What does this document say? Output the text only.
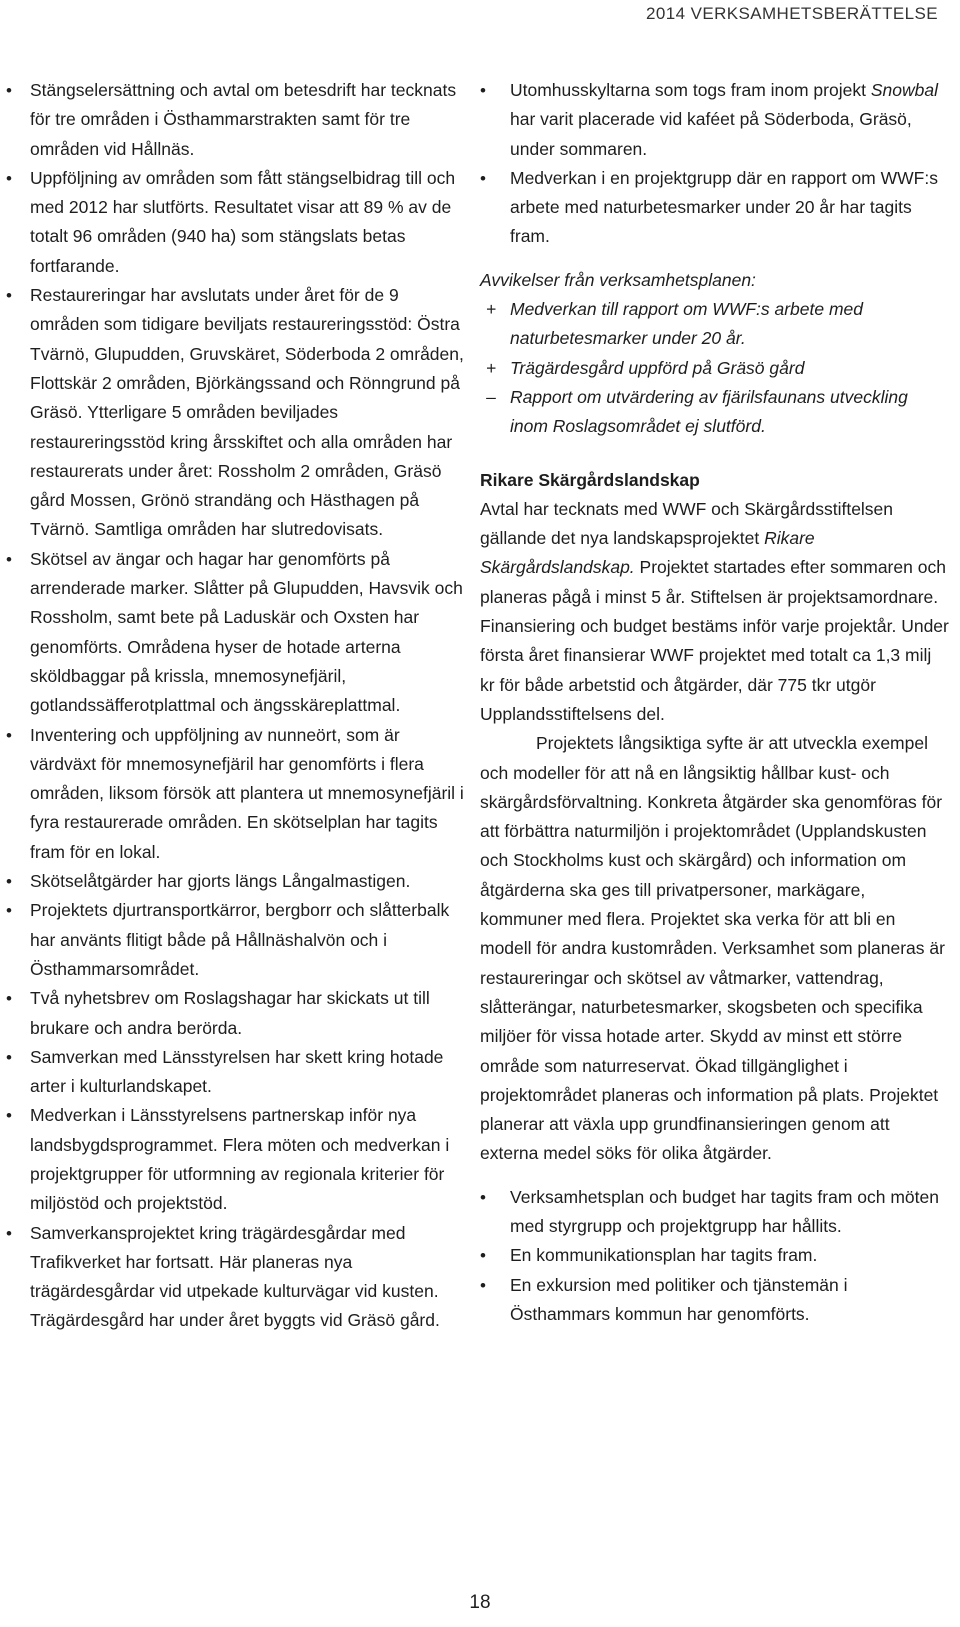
2014 VERKSAMHETSBERÄTTELSE
• Stängselersättning och avtal om betesdrift har tecknats för tre områden i Östhammarstrakten samt för tre områden vid Hållnäs.
• Uppföljning av områden som fått stängselbidrag till och med 2012 har slutförts. Resultatet visar att 89 % av de totalt 96 områden (940 ha) som stängslats betas fortfarande.
• Restaureringar har avslutats under året för de 9 områden som tidigare beviljats restaureringsstöd: Östra Tvärnö, Glupudden, Gruvskäret, Söderboda 2 områden, Flottskär 2 områden, Björkängssand och Rönngrund på Gräsö. Ytterligare 5 områden beviljades restaureringsstöd kring årsskiftet och alla områden har restaurerats under året: Rossholm 2 områden, Gräsö gård Mossen, Grönö strandäng och Hästhagen på Tvärnö. Samtliga områden har slutredovisats.
• Skötsel av ängar och hagar har genomförts på arrenderade marker. Slåtter på Glupudden, Havsvik och Rossholm, samt bete på Laduskär och Oxsten har genomförts. Områdena hyser de hotade arterna sköldbaggar på krissla, mnemosynefjäril, gotlandssäfferotplattmal och ängsskäreplattmal.
• Inventering och uppföljning av nunneört, som är värdväxt för mnemosynefjäril har genomförts i flera områden, liksom försök att plantera ut mnemosynefjäril i fyra restaurerade områden. En skötselplan har tagits fram för en lokal.
• Skötselåtgärder har gjorts längs Långalmastigen.
• Projektets djurtransportkärror, bergborr och slåtterbalk har använts flitigt både på Hållnäshalvön och i Östhammarsområdet.
• Två nyhetsbrev om Roslagshagar har skickats ut till brukare och andra berörda.
• Samverkan med Länsstyrelsen har skett kring hotade arter i kulturlandskapet.
• Medverkan i Länsstyrelsens partnerskap inför nya landsbygdsprogrammet. Flera möten och medverkan i projektgrupper för utformning av regionala kriterier för miljöstöd och projektstöd.
• Samverkansprojektet kring trägärdesgårdar med Trafikverket har fortsatt. Här planeras nya trägärdesgårdar vid utpekade kulturvägar vid kusten. Trägärdesgård har under året byggts vid Gräsö gård.
• Utomhusskyltarna som togs fram inom projekt Snowbal har varit placerade vid kaféet på Söderboda, Gräsö, under sommaren.
• Medverkan i en projektgrupp där en rapport om WWF:s arbete med naturbetesmarker under 20 år har tagits fram.

Avvikelser från verksamhetsplanen:

+ Medverkan till rapport om WWF:s arbete med naturbetesmarker under 20 år.
+ Trägärdesgård uppförd på Gräsö gård
– Rapport om utvärdering av fjärilsfaunans utveckling inom Roslagsområdet ej slutförd.

Rikare Skärgårdslandskap

Avtal har tecknats med WWF och Skärgårdsstiftelsen gällande det nya landskapsprojektet Rikare Skärgårdslandskap. Projektet startades efter sommaren och planeras pågå i minst 5 år. Stiftelsen är projektsamordnare. Finansiering och budget bestäms inför varje projektår. Under första året finansierar WWF projektet med totalt ca 1,3 milj kr för både arbetstid och åtgärder, där 775 tkr utgör Upplandsstiftelsens del.

Projektets långsiktiga syfte är att utveckla exempel och modeller för att nå en långsiktig hållbar kust- och skärgårdsförvaltning. Konkreta åtgärder ska genomföras för att förbättra naturmiljön i projektområdet (Upplandskusten och Stockholms kust och skärgård) och information om åtgärderna ska ges till privatpersoner, markägare, kommuner med flera. Projektet ska verka för att bli en modell för andra kustområden. Verksamhet som planeras är restaureringar och skötsel av våtmarker, vattendrag, slåtterängar, naturbetesmarker, skogsbeten och specifika miljöer för vissa hotade arter. Skydd av minst ett större område som naturreservat. Ökad tillgänglighet i projektområdet planeras och information på plats. Projektet planerar att växla upp grundfinansieringen genom att externa medel söks för olika åtgärder.

• Verksamhetsplan och budget har tagits fram och möten med styrgrupp och projektgrupp har hållits.
• En kommunikationsplan har tagits fram.
• En exkursion med politiker och tjänstemän i Östhammars kommun har genomförts.
18
